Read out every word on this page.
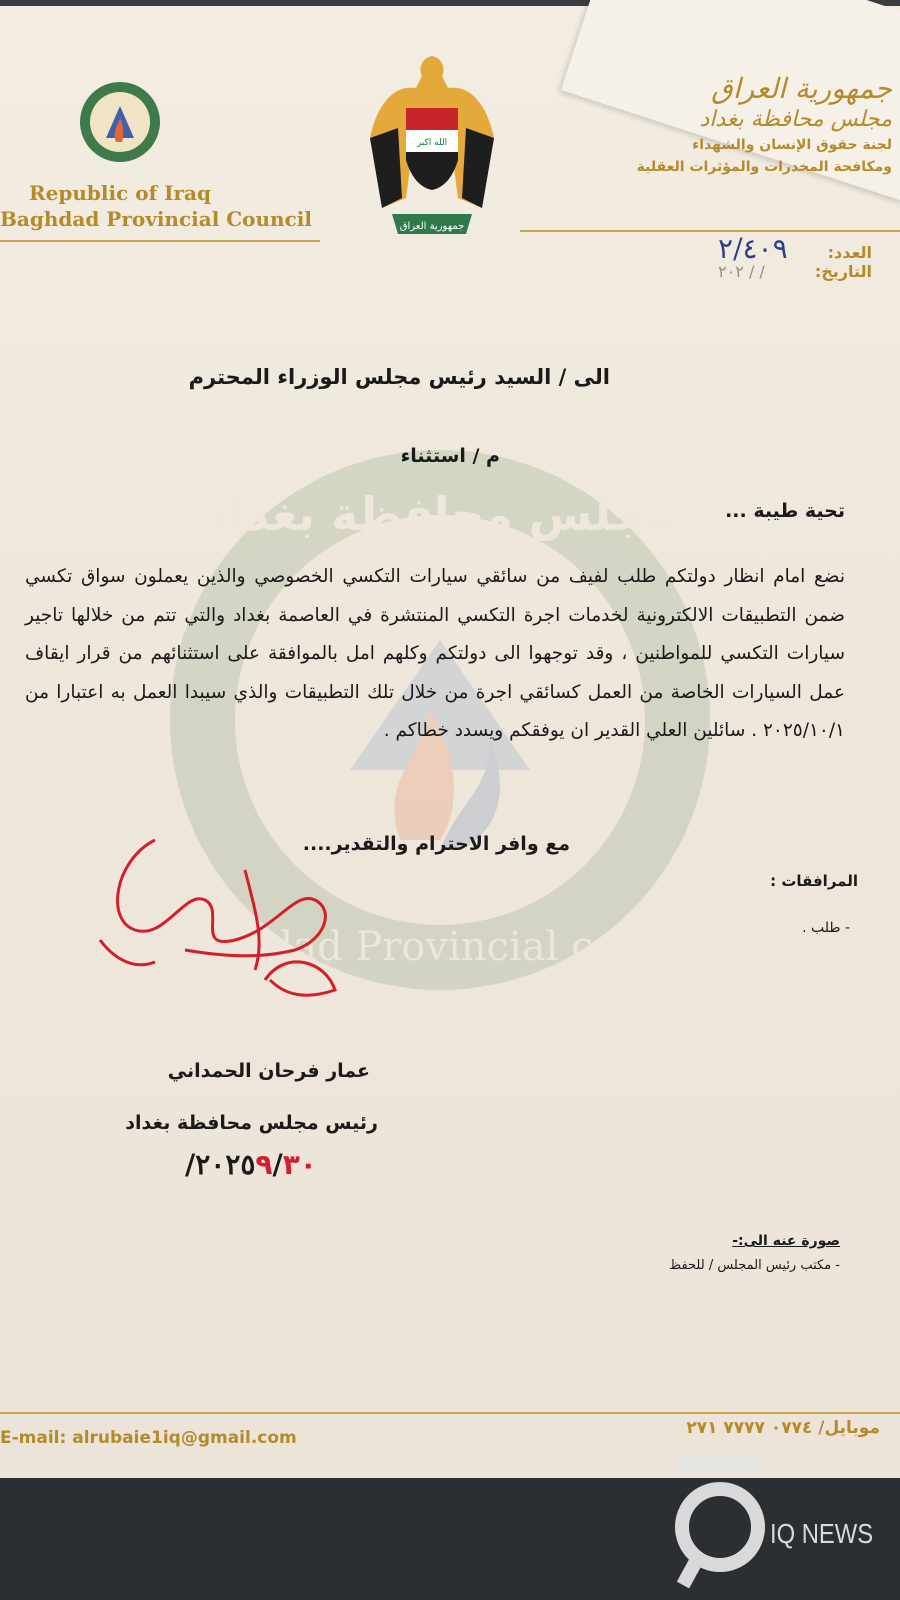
مجلس محافظة بغداد
Baghdad Provincial council
Republic of Iraq
Baghdad Provincial Council
الله اكبر
جمهورية العراق
جمهورية العراق
مجلس محافظة بغداد
لجنة حقوق الإنسان والشهداء
ومكافحة المخدرات والمؤثرات العقلية
العدد:٢/٤٠٩
التاريخ:/ / ٢٠٢
الى / السيد رئيس مجلس الوزراء المحترم
م / استثناء
تحية طيبة ...
نضع امام انظار دولتكم طلب لفيف من سائقي سيارات التكسي الخصوصي والذين يعملون سواق تكسي ضمن التطبيقات الالكترونية لخدمات اجرة التكسي المنتشرة في العاصمة بغداد والتي تتم من خلالها تاجير سيارات التكسي للمواطنين ، وقد توجهوا الى دولتكم وكلهم امل بالموافقة على استثنائهم من قرار ايقاف عمل السيارات الخاصة من العمل كسائقي اجرة من خلال تلك التطبيقات والذي سيبدا العمل به اعتبارا من ٢٠٢٥/١٠/١ . سائلين العلي القدير ان يوفقكم ويسدد خطاكم .
مع وافر الاحترام والتقدير....
المرافقات :
- طلب .
عمار فرحان الحمداني
رئيس مجلس محافظة بغداد
/٢٠٢٥٩/٣٠
صورة عنه الى:-
- مكتب رئيس المجلس / للحفظ
E-mail: alrubaie1iq@gmail.com	موبايل/ ٠٧٧٤ ٧٧٧٧ ٢٧١
IQ NEWS
